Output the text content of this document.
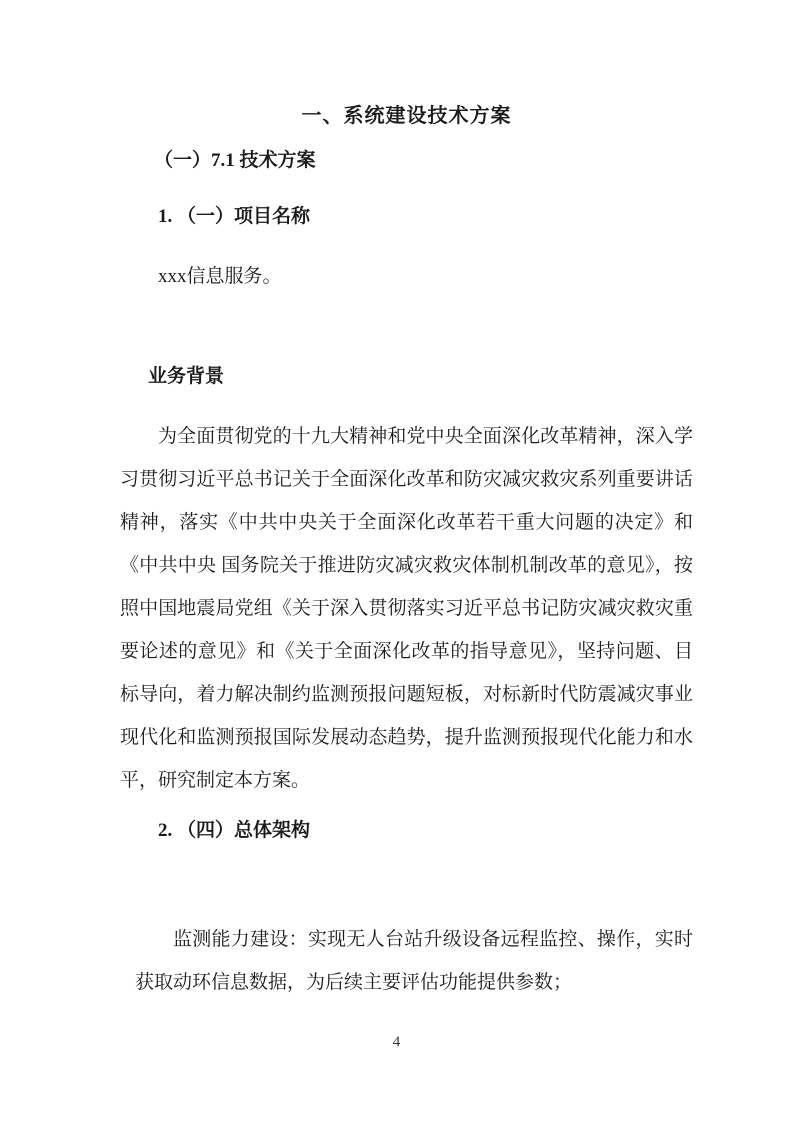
一、系统建设技术方案
（一）7.1 技术方案
1. （一）项目名称

xxx信息服务。

业务背景

为全面贯彻党的十九大精神和党中央全面深化改革精神，深入学习贯彻习近平总书记关于全面深化改革和防灾减灾救灾系列重要讲话精神，落实《中共中央关于全面深化改革若干重大问题的决定》和《中共中央 国务院关于推进防灾减灾救灾体制机制改革的意见》，按照中国地震局党组《关于深入贯彻落实习近平总书记防灾减灾救灾重要论述的意见》和《关于全面深化改革的指导意见》，坚持问题、目标导向，着力解决制约监测预报问题短板，对标新时代防震减灾事业现代化和监测预报国际发展动态趋势，提升监测预报现代化能力和水平，研究制定本方案。

2. （四）总体架构

监测能力建设：实现无人台站升级设备远程监控、操作，实时获取动环信息数据，为后续主要评估功能提供参数；

4
